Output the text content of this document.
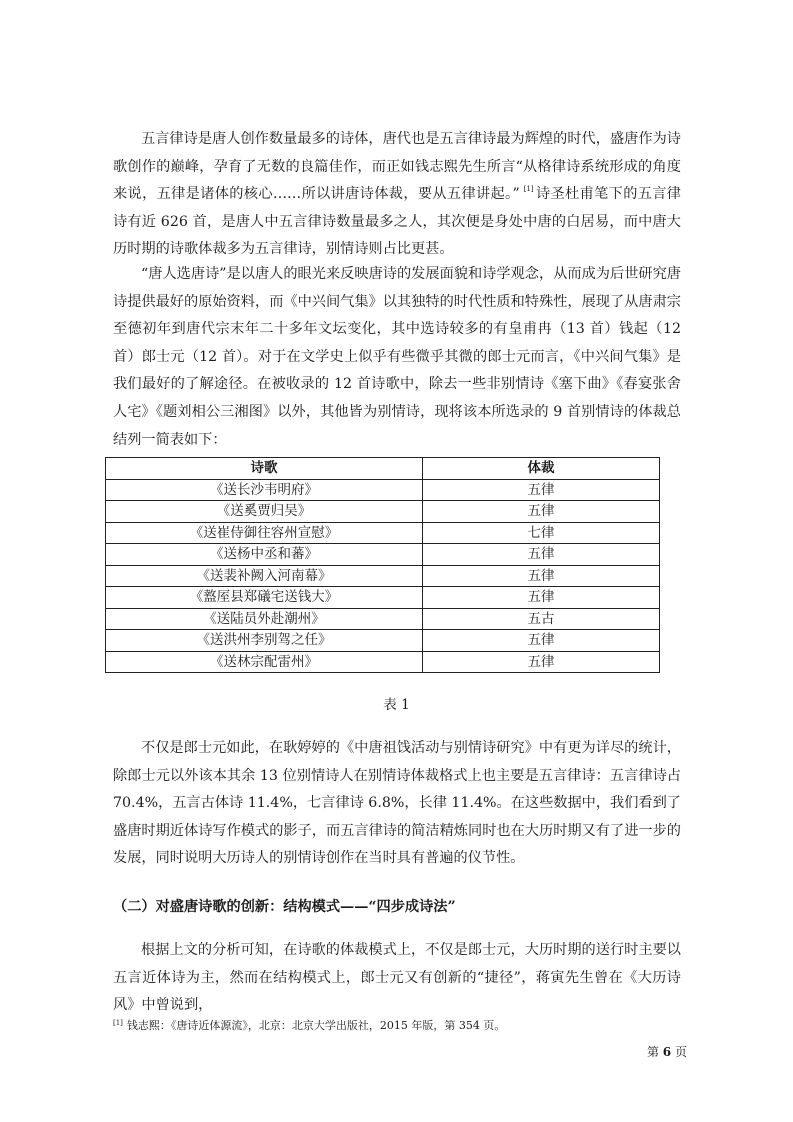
五言律诗是唐人创作数量最多的诗体，唐代也是五言律诗最为辉煌的时代，盛唐作为诗歌创作的巅峰，孕育了无数的良篇佳作，而正如钱志熙先生所言“从格律诗系统形成的角度来说，五律是诸体的核心……所以讲唐诗体裁，要从五律讲起。” [1] 诗圣杜甫笔下的五言律诗有近 626 首，是唐人中五言律诗数量最多之人，其次便是身处中唐的白居易，而中唐大历时期的诗歌体裁多为五言律诗，别情诗则占比更甚。

“唐人选唐诗”是以唐人的眼光来反映唐诗的发展面貌和诗学观念，从而成为后世研究唐诗提供最好的原始资料，而《中兴间气集》以其独特的时代性质和特殊性，展现了从唐肃宗至德初年到唐代宗末年二十多年文坛变化，其中选诗较多的有皇甫冉（13 首）钱起（12 首）郎士元（12 首）。对于在文学史上似乎有些微乎其微的郎士元而言，《中兴间气集》是我们最好的了解途径。在被收录的 12 首诗歌中，除去一些非别情诗《塞下曲》《春宴张舍人宅》《题刘相公三湘图》以外，其他皆为别情诗，现将该本所选录的 9 首别情诗的体裁总结列一简表如下：

诗歌	体裁
《送长沙韦明府》	五律
《送奚贾归吴》	五律
《送崔侍御往容州宣慰》	七律
《送杨中丞和蕃》	五律
《送裴补阙入河南幕》	五律
《盩厔县郑礒宅送钱大》	五律
《送陆员外赴潮州》	五古
《送洪州李别驾之任》	五律
《送林宗配雷州》	五律
表 1

不仅是郎士元如此，在耿婷婷的《中唐祖饯活动与别情诗研究》中有更为详尽的统计，除郎士元以外该本其余 13 位别情诗人在别情诗体裁格式上也主要是五言律诗：五言律诗占 70.4%，五言古体诗 11.4%，七言律诗 6.8%，长律 11.4%。在这些数据中，我们看到了盛唐时期近体诗写作模式的影子，而五言律诗的简洁精炼同时也在大历时期又有了进一步的发展，同时说明大历诗人的别情诗创作在当时具有普遍的仪节性。

（二）对盛唐诗歌的创新：结构模式——“四步成诗法”

根据上文的分析可知，在诗歌的体裁模式上，不仅是郎士元，大历时期的送行时主要以五言近体诗为主，然而在结构模式上，郎士元又有创新的“捷径”，蒋寅先生曾在《大历诗风》中曾说到，

[1] 钱志熙：《唐诗近体源流》，北京：北京大学出版社，2015 年版，第 354 页。
第 6 页
